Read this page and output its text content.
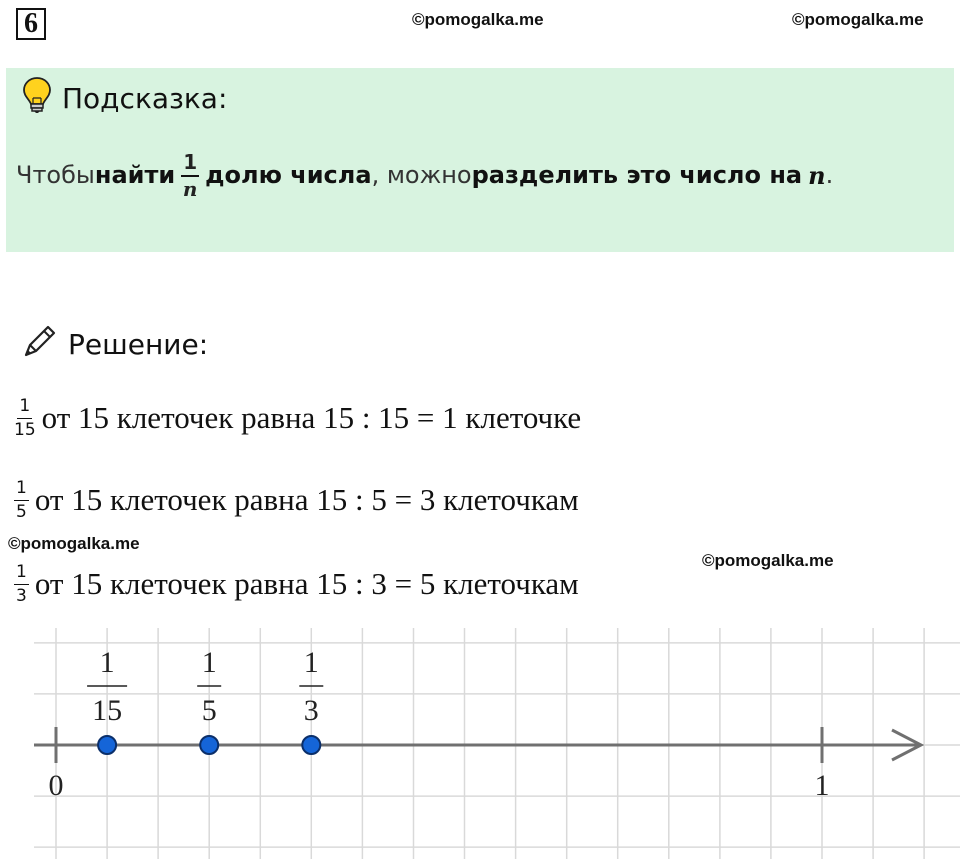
6	©pomogalka.me	©pomogalka.me
Подсказка:
Чтобы найти $\frac{1}{n}$ долю числа , можно разделить это число на n .
Решение:
$\frac{1}{15}$ от 15 клеточек равна 15 : 15 = 1 клеточке
$\frac{1}{5}$ от 15 клеточек равна 15 : 5 = 3 клеточкам
©pomogalka.me
©pomogalka.me
$\frac{1}{3}$ от 15 клеточек равна 15 : 3 = 5 клеточкам
0	1
1
15
1
5
1
3
